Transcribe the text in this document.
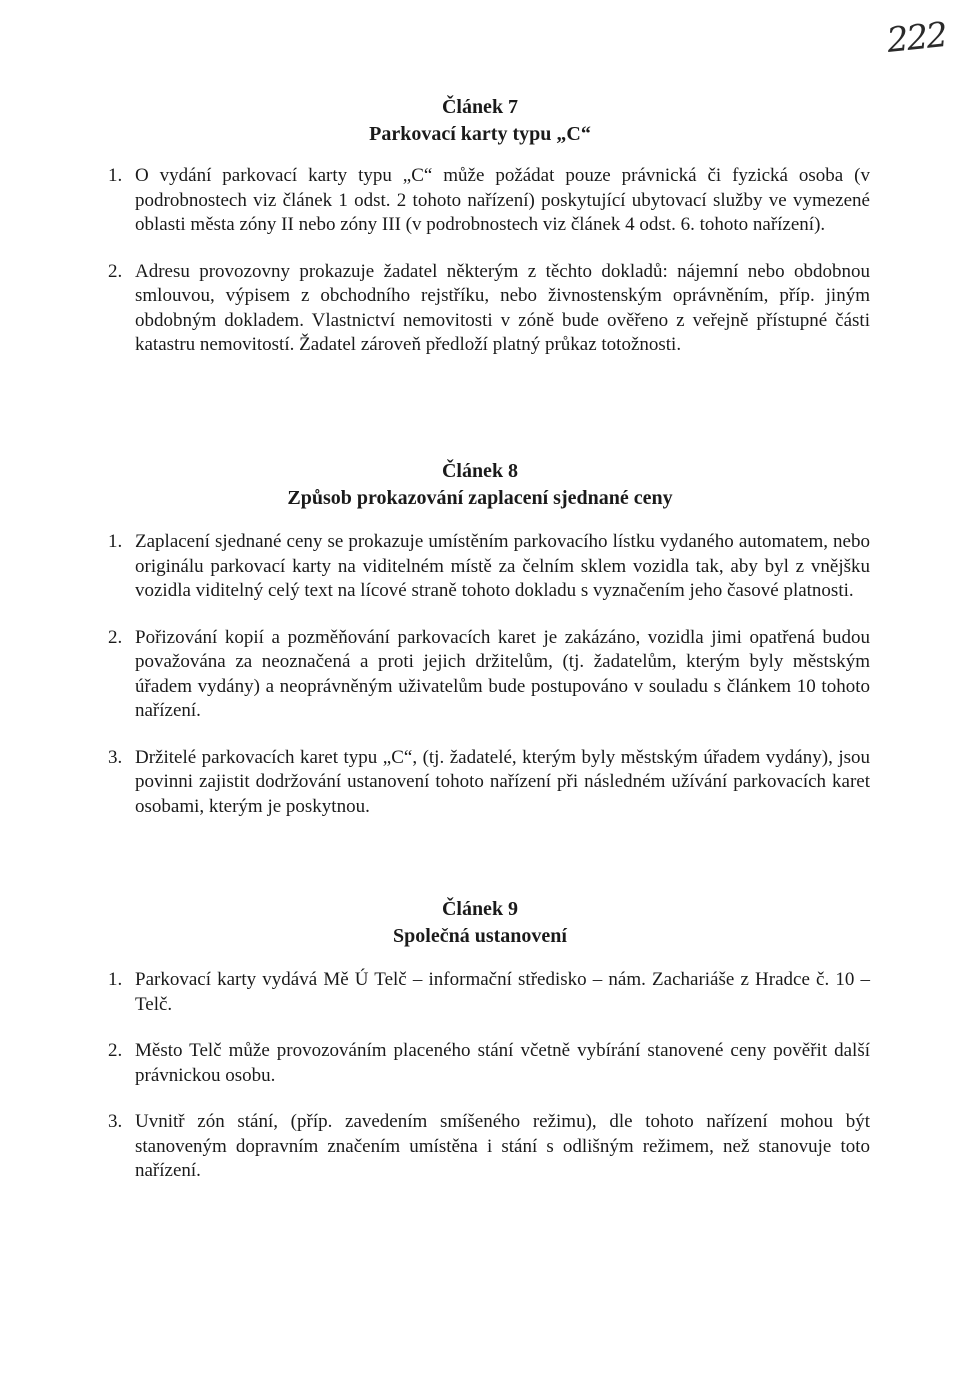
222

Článek 7

Parkovací karty typu „C“

1. O vydání parkovací karty typu „C“ může požádat pouze právnická či fyzická osoba (v podrobnostech viz článek 1 odst. 2 tohoto nařízení) poskytující ubytovací služby ve vymezené oblasti města zóny II nebo zóny III (v podrobnostech viz článek 4 odst. 6. tohoto nařízení).
2. Adresu provozovny prokazuje žadatel některým z těchto dokladů: nájemní nebo obdobnou smlouvou, výpisem z obchodního rejstříku, nebo živnostenským oprávněním, příp. jiným obdobným dokladem. Vlastnictví nemovitosti v zóně bude ověřeno z veřejně přístupné části katastru nemovitostí. Žadatel zároveň předloží platný průkaz totožnosti.

Článek 8

Způsob prokazování zaplacení sjednané ceny

1. Zaplacení sjednané ceny se prokazuje umístěním parkovacího lístku vydaného automatem, nebo originálu parkovací karty na viditelném místě za čelním sklem vozidla tak, aby byl z vnějšku vozidla viditelný celý text na lícové straně tohoto dokladu s vyznačením jeho časové platnosti.
2. Pořizování kopií a pozměňování parkovacích karet je zakázáno, vozidla jimi opatřená budou považována za neoznačená a proti jejich držitelům, (tj. žadatelům, kterým byly městským úřadem vydány) a neoprávněným uživatelům bude postupováno v souladu s článkem 10 tohoto nařízení.
3. Držitelé parkovacích karet typu „C“, (tj. žadatelé, kterým byly městským úřadem vydány), jsou povinni zajistit dodržování ustanovení tohoto nařízení při následném užívání parkovacích karet osobami, kterým je poskytnou.

Článek 9

Společná ustanovení

1. Parkovací karty vydává Mě Ú Telč – informační středisko – nám. Zachariáše z Hradce č. 10 – Telč.
2. Město Telč může provozováním placeného stání včetně vybírání stanovené ceny pověřit další právnickou osobu.
3. Uvnitř zón stání, (příp. zavedením smíšeného režimu), dle tohoto nařízení mohou být stanoveným dopravním značením umístěna i stání s odlišným režimem, než stanovuje toto nařízení.
